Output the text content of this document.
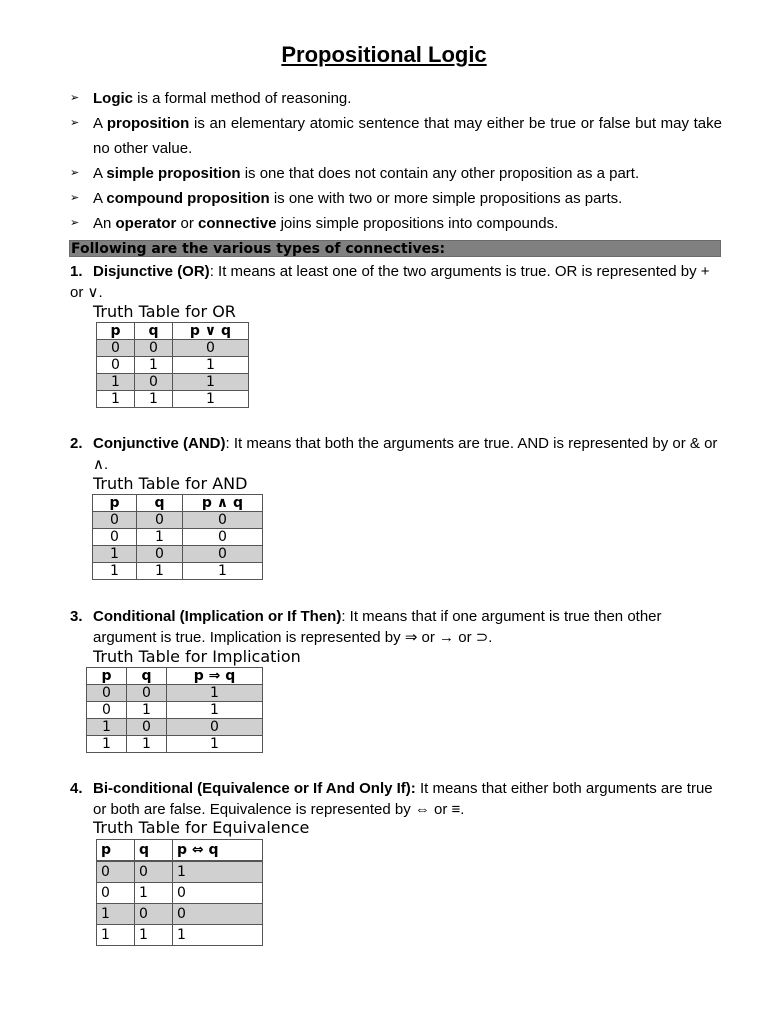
Propositional Logic
➢ Logic is a formal method of reasoning.
➢ A proposition is an elementary atomic sentence that may either be true or false but may take no other value.
➢ A simple proposition is one that does not contain any other proposition as a part.
➢ A compound proposition is one with two or more simple propositions as parts.
➢ An operator or connective joins simple propositions into compounds.
Following are the various types of connectives:
1. Disjunctive (OR): It means at least one of the two arguments is true. OR is represented by + or ∨.
Truth Table for OR
p	q	p ∨ q
0	0	0
0	1	1
1	0	1
1	1	1
2. Conjunctive (AND): It means that both the arguments are true. AND is represented by or & or ∧.
Truth Table for AND
p	q	p ∧ q
0	0	0
0	1	0
1	0	0
1	1	1
3. Conditional (Implication or If Then): It means that if one argument is true then other argument is true. Implication is represented by ⇒ or → or ⊃.
Truth Table for Implication
p	q	p ⇒ q
0	0	1
0	1	1
1	0	0
1	1	1
4. Bi-conditional (Equivalence or If And Only If): It means that either both arguments are true or both are false. Equivalence is represented by ⇔ or ≡.
Truth Table for Equivalence
p	q	p ⇔ q
0	0	1
0	1	0
1	0	0
1	1	1
